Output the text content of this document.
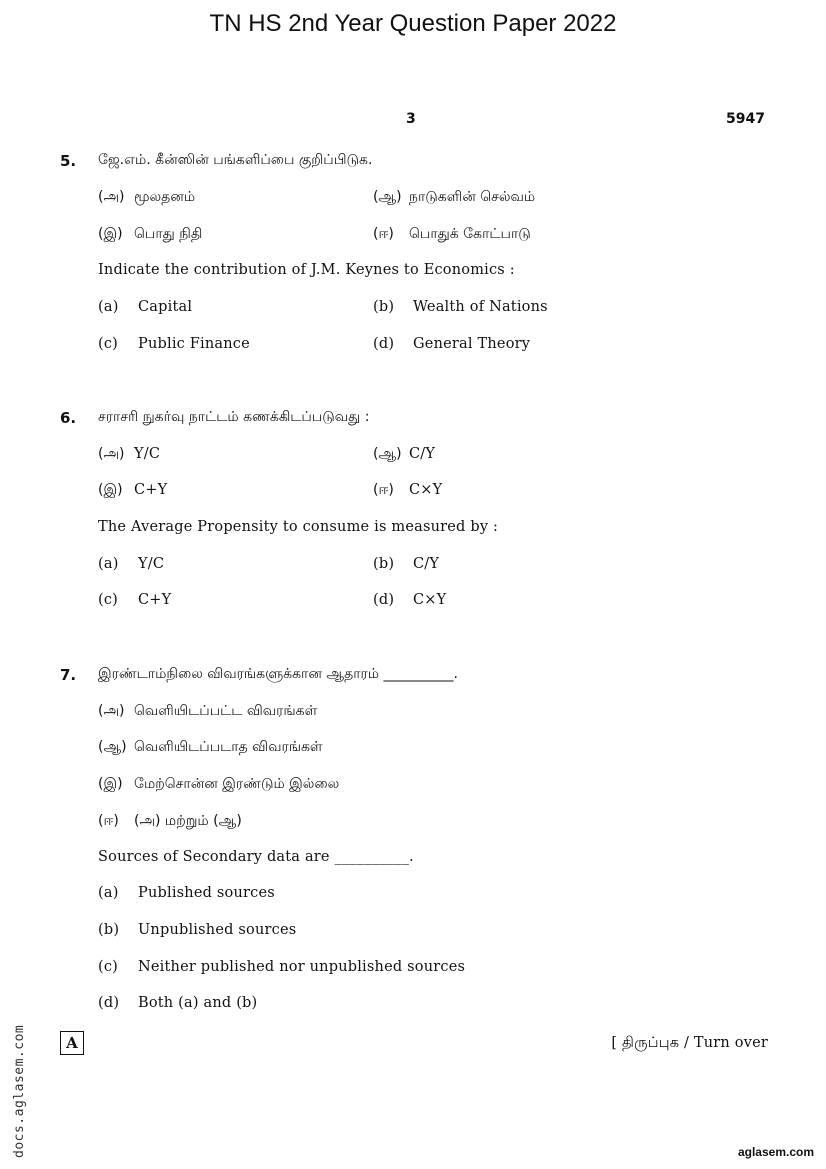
TN HS 2nd Year Question Paper 2022
3	5947
5. ஜே.எம். கீன்ஸின் பங்களிப்பை குறிப்பிடுக.
(அ) மூலதனம்	(ஆ) நாடுகளின் செல்வம்
(இ) பொது நிதி	(ஈ) பொதுக் கோட்பாடு
Indicate the contribution of J.M. Keynes to Economics :
(a) Capital	(b) Wealth of Nations
(c) Public Finance	(d) General Theory
6. சராசரி நுகர்வு நாட்டம் கணக்கிடப்படுவது :
(அ) Y/C	(ஆ) C/Y
(இ) C+Y	(ஈ) C×Y
The Average Propensity to consume is measured by :
(a) Y/C	(b) C/Y
(c) C+Y	(d) C×Y
7. இரண்டாம்நிலை விவரங்களுக்கான ஆதாரம் __________.
(அ) வெளியிடப்பட்ட விவரங்கள்
(ஆ) வெளியிடப்படாத விவரங்கள்
(இ) மேற்சொன்ன இரண்டும் இல்லை
(ஈ) (அ) மற்றும் (ஆ)
Sources of Secondary data are __________.
(a) Published sources
(b) Unpublished sources
(c) Neither published nor unpublished sources
(d) Both (a) and (b)
A	[ திருப்புக / Turn over
docs.aglasem.com	aglasem.com
